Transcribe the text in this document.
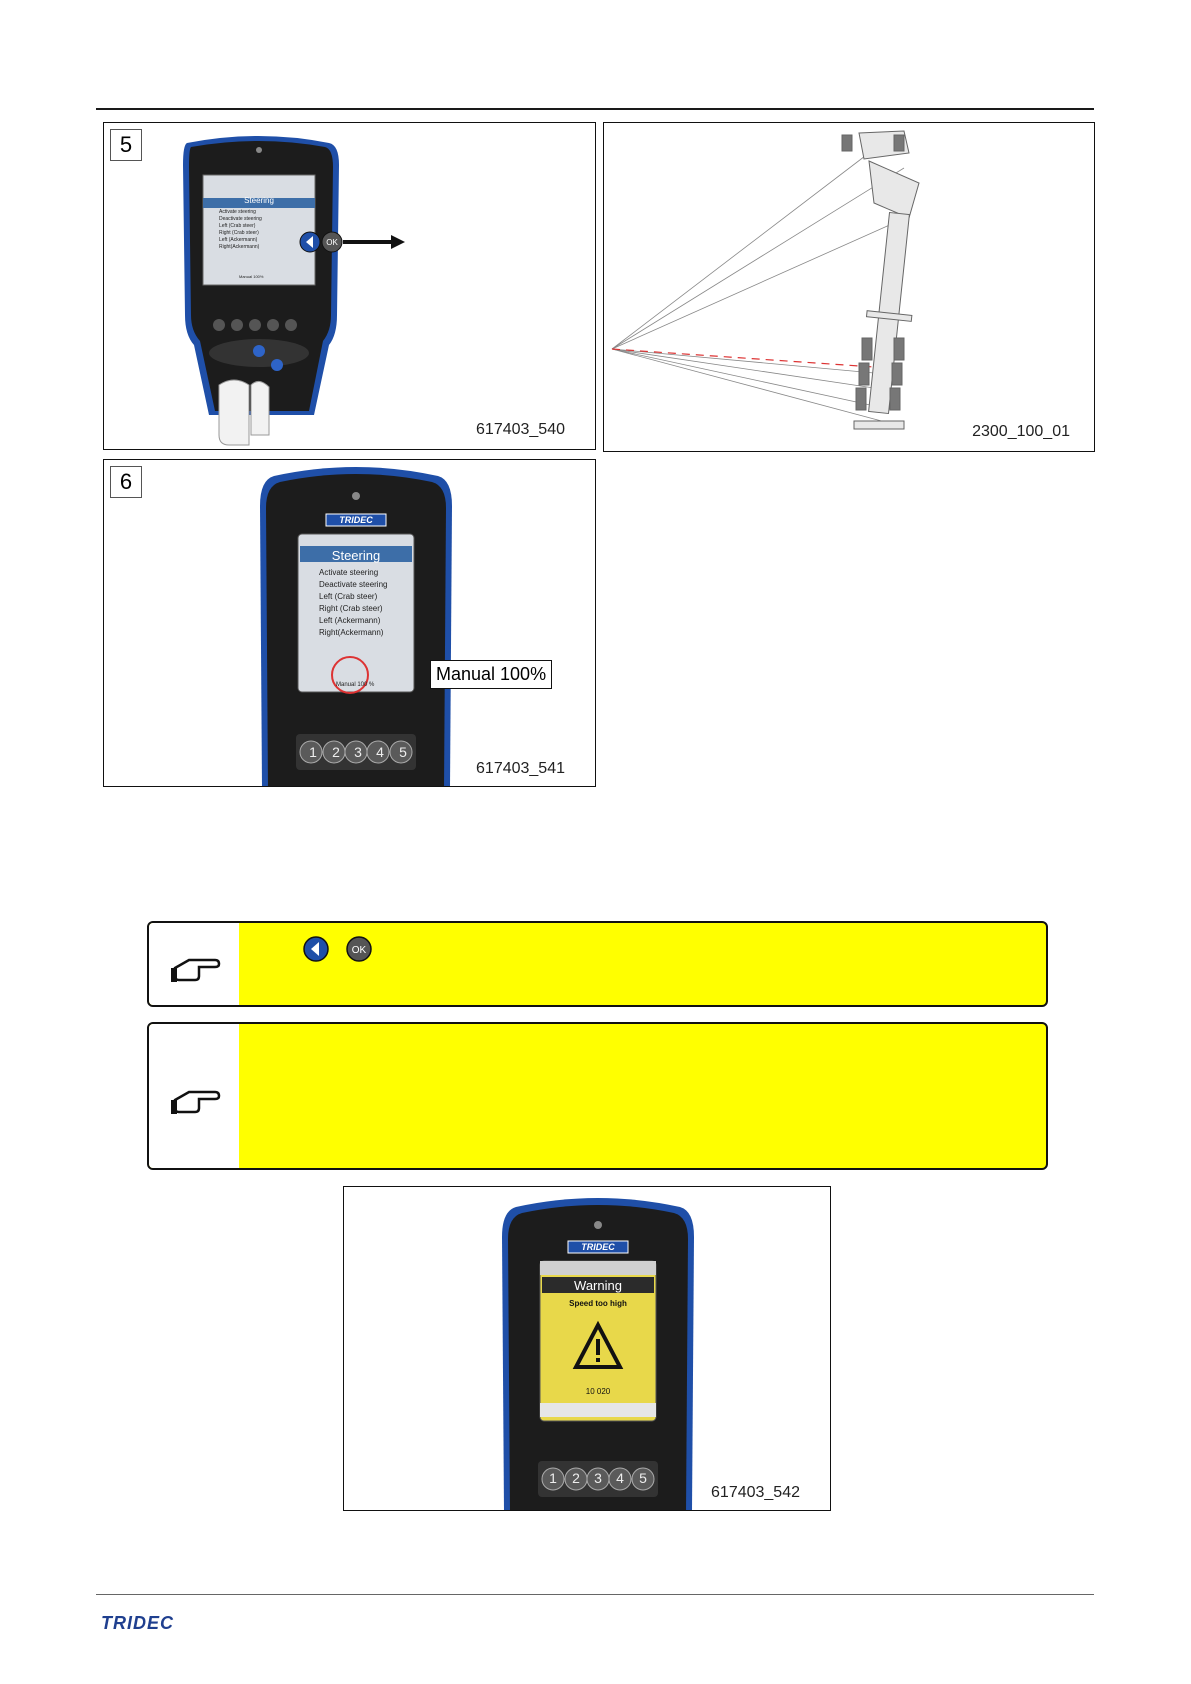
5
Steering
Activate steering
Deactivate steering
Left (Crab steer)
Right (Crab steer)
Left (Ackermann)
Right(Ackermann)
Manual 100%
OK
617403_540	2300_100_01
6
TRIDEC
Steering
Activate steering
Deactivate steering
Left (Crab steer)
Right (Crab steer)
Left (Ackermann)
Right(Ackermann)
Manual 100 %
Manual 100%
1 2 3 4 5
617403_541
OK
TRIDEC
Warning
Speed too high
10 020
1 2 3 4 5
617403_542
TRIDEC
